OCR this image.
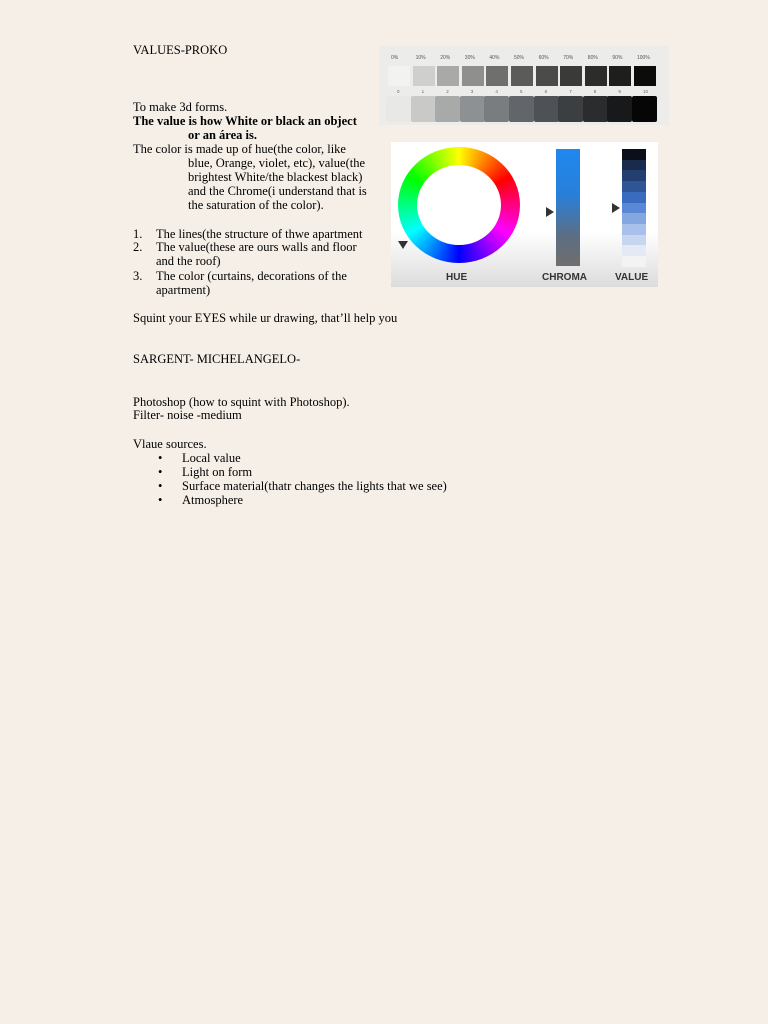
VALUES-PROKO
To make 3d forms.
The value is how White or black an object
or an área is.
The color is made up of hue(the color, like
blue, Orange, violet, etc), value(the
brightest White/the blackest black)
and the Chrome(i understand that is
the saturation of the color).
1. The lines(the structure of thwe apartment
2. The value(these are ours walls and floor
and the roof)
3. The color (curtains, decorations of the
apartment)
Squint your EYES while ur drawing, that’ll help you
SARGENT- MICHELANGELO-
Photoshop (how to squint with Photoshop).
Filter- noise -medium
Vlaue sources.
• Local value
• Light on form
• Surface material(thatr changes the lights that we see)
• Atmosphere
0%	10%	20%	30%	40%	50%	60%	70%	80%	90%	100%
0	1	2	3	4	5	6	7	8	9	10
HUE	CHROMA	VALUE
